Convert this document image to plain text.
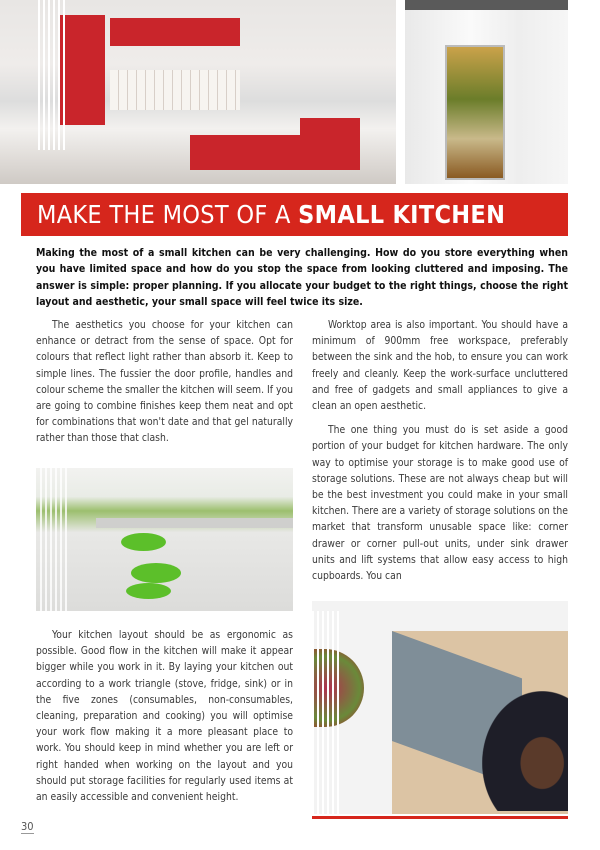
MAKE THE MOST OF A SMALL KITCHEN
Making the most of a small kitchen can be very challenging. How do you store everything when you have limited space and how do you stop the space from looking cluttered and imposing. The answer is simple: proper planning. If you allocate your budget to the right things, choose the right layout and aesthetic, your small space will feel twice its size.

The aesthetics you choose for your kitchen can enhance or detract from the sense of space. Opt for colours that reflect light rather than absorb it. Keep to simple lines. The fussier the door profile, handles and colour scheme the smaller the kitchen will seem. If you are going to combine finishes keep them neat and opt for combinations that won't date and that gel naturally rather than those that clash.

Your kitchen layout should be as ergonomic as possible. Good flow in the kitchen will make it appear bigger while you work in it. By laying your kitchen out according to a work triangle (stove, fridge, sink) or in the five zones (consumables, non-consumables, cleaning, preparation and cooking) you will optimise your work flow making it a more pleasant place to work. You should keep in mind whether you are left or right handed when working on the layout and you should put storage facilities for regularly used items at an easily accessible and convenient height.

Worktop area is also important. You should have a minimum of 900mm free workspace, preferably between the sink and the hob, to ensure you can work freely and cleanly. Keep the work-surface uncluttered and free of gadgets and small appliances to give a clean an open aesthetic.

The one thing you must do is set aside a good portion of your budget for kitchen hardware. The only way to optimise your storage is to make good use of storage solutions. These are not always cheap but will be the best investment you could make in your small kitchen. There are a variety of storage solutions on the market that transform unusable space like: corner drawer or corner pull-out units, under sink drawer units and lift systems that allow easy access to high cupboards. You can

30
